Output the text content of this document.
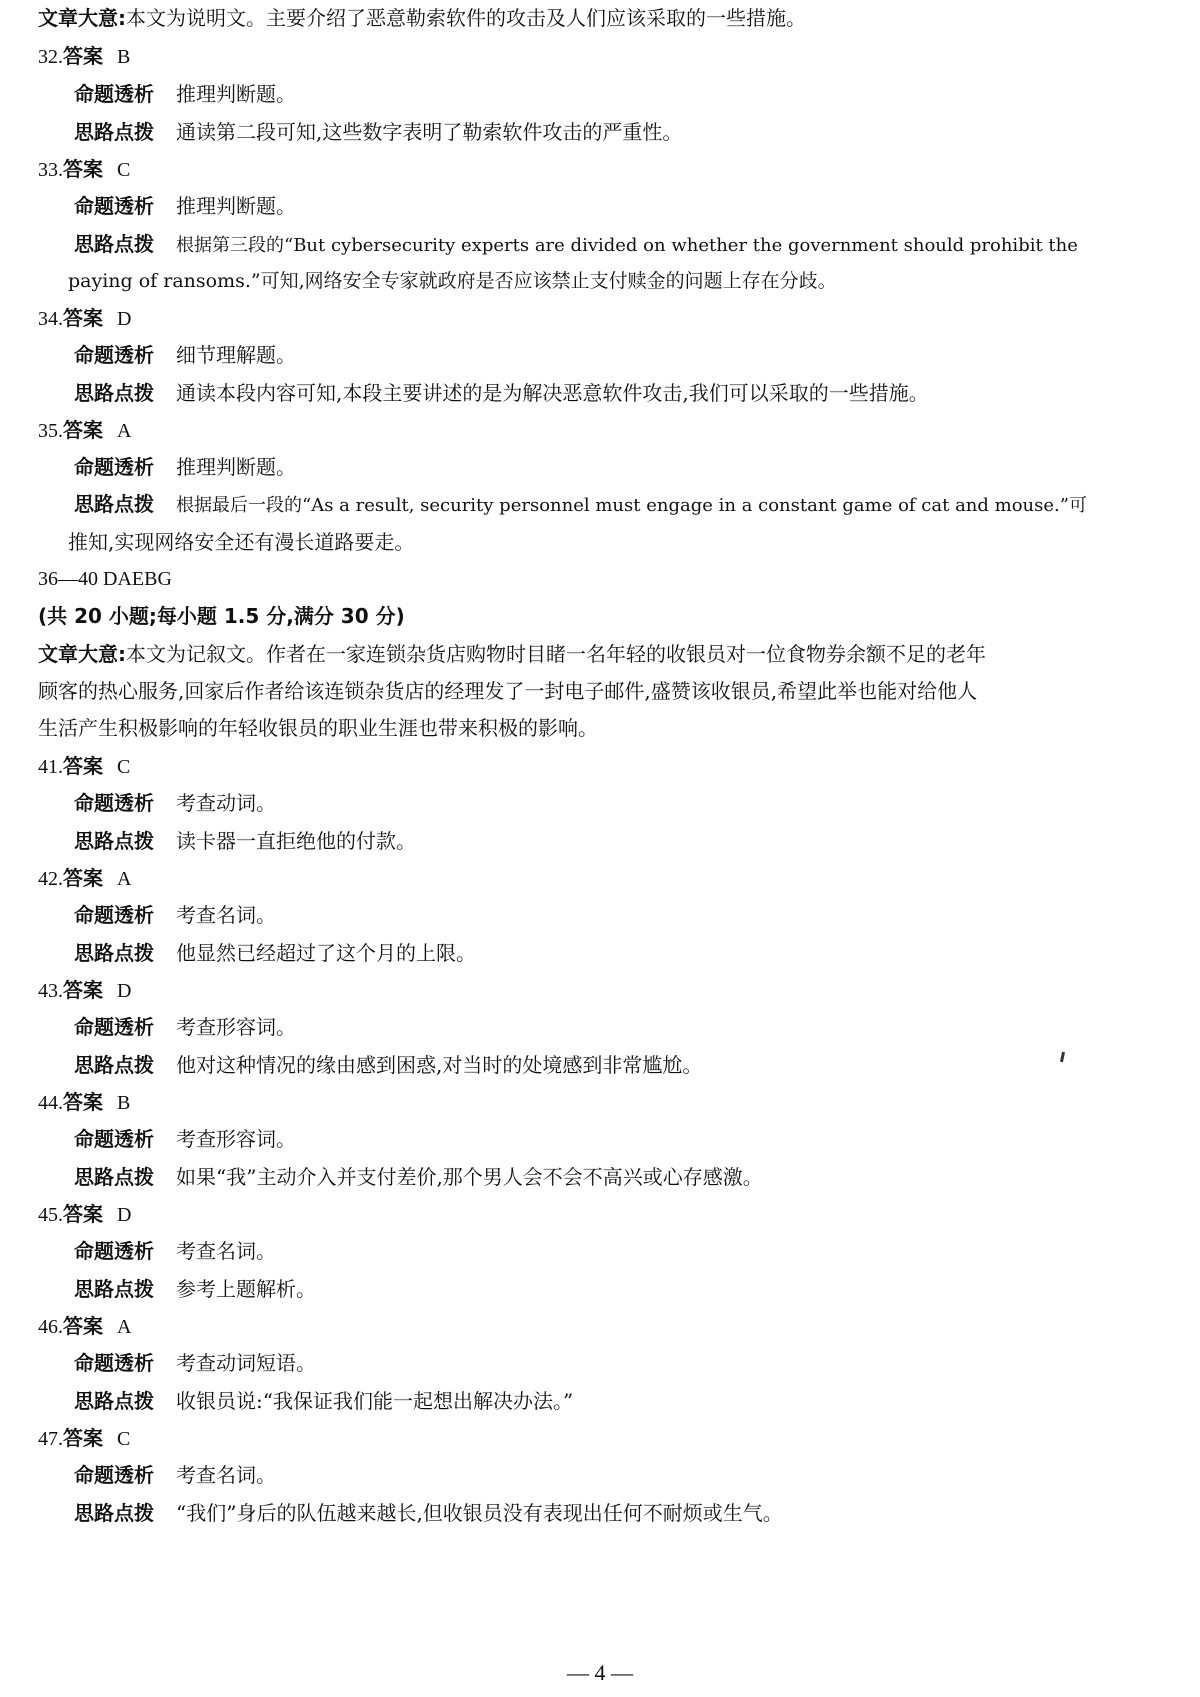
文章大意:本文为说明文。主要介绍了恶意勒索软件的攻击及人们应该采取的一些措施。
32.答案 B
命题透析 推理判断题。
思路点拨 通读第二段可知,这些数字表明了勒索软件攻击的严重性。
33.答案 C
命题透析 推理判断题。
思路点拨 根据第三段的“But cybersecurity experts are divided on whether the government should prohibit the
paying of ransoms.”可知,网络安全专家就政府是否应该禁止支付赎金的问题上存在分歧。
34.答案 D
命题透析 细节理解题。
思路点拨 通读本段内容可知,本段主要讲述的是为解决恶意软件攻击,我们可以采取的一些措施。
35.答案 A
命题透析 推理判断题。
思路点拨 根据最后一段的“As a result, security personnel must engage in a constant game of cat and mouse.”可
推知,实现网络安全还有漫长道路要走。
36—40 DAEBG
(共 20 小题;每小题 1.5 分,满分 30 分)
文章大意:本文为记叙文。作者在一家连锁杂货店购物时目睹一名年轻的收银员对一位食物券余额不足的老年
顾客的热心服务,回家后作者给该连锁杂货店的经理发了一封电子邮件,盛赞该收银员,希望此举也能对给他人
生活产生积极影响的年轻收银员的职业生涯也带来积极的影响。
41.答案 C
命题透析 考查动词。
思路点拨 读卡器一直拒绝他的付款。
42.答案 A
命题透析 考查名词。
思路点拨 他显然已经超过了这个月的上限。
43.答案 D
命题透析 考查形容词。
思路点拨 他对这种情况的缘由感到困惑,对当时的处境感到非常尴尬。
44.答案 B
命题透析 考查形容词。
思路点拨 如果“我”主动介入并支付差价,那个男人会不会不高兴或心存感激。
45.答案 D
命题透析 考查名词。
思路点拨 参考上题解析。
46.答案 A
命题透析 考查动词短语。
思路点拨 收银员说:“我保证我们能一起想出解决办法。”
47.答案 C
命题透析 考查名词。
思路点拨 “我们”身后的队伍越来越长,但收银员没有表现出任何不耐烦或生气。
— 4 —
